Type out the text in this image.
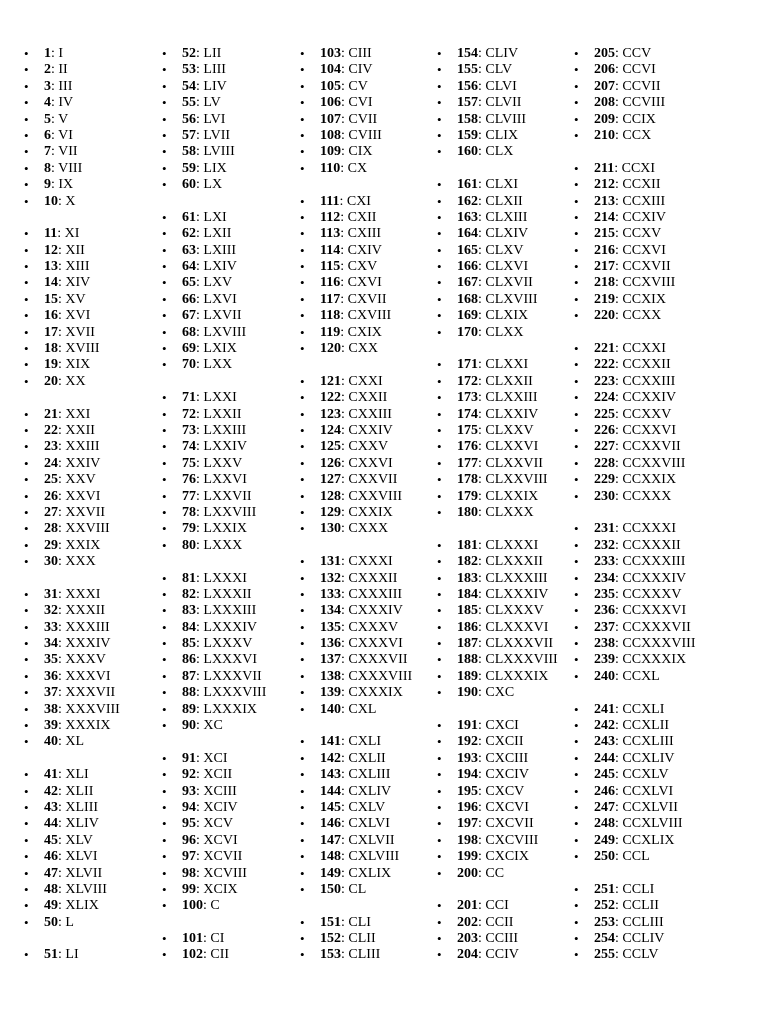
• 1: I
• 2: II
• 3: III
• 4: IV
• 5: V
• 6: VI
• 7: VII
• 8: VIII
• 9: IX
• 10: X
• 11: XI
• 12: XII
• 13: XIII
• 14: XIV
• 15: XV
• 16: XVI
• 17: XVII
• 18: XVIII
• 19: XIX
• 20: XX
• 21: XXI
• 22: XXII
• 23: XXIII
• 24: XXIV
• 25: XXV
• 26: XXVI
• 27: XXVII
• 28: XXVIII
• 29: XXIX
• 30: XXX
• 31: XXXI
• 32: XXXII
• 33: XXXIII
• 34: XXXIV
• 35: XXXV
• 36: XXXVI
• 37: XXXVII
• 38: XXXVIII
• 39: XXXIX
• 40: XL
• 41: XLI
• 42: XLII
• 43: XLIII
• 44: XLIV
• 45: XLV
• 46: XLVI
• 47: XLVII
• 48: XLVIII
• 49: XLIX
• 50: L
• 51: LI
• 52: LII
• 53: LIII
• 54: LIV
• 55: LV
• 56: LVI
• 57: LVII
• 58: LVIII
• 59: LIX
• 60: LX
• 61: LXI
• 62: LXII
• 63: LXIII
• 64: LXIV
• 65: LXV
• 66: LXVI
• 67: LXVII
• 68: LXVIII
• 69: LXIX
• 70: LXX
• 71: LXXI
• 72: LXXII
• 73: LXXIII
• 74: LXXIV
• 75: LXXV
• 76: LXXVI
• 77: LXXVII
• 78: LXXVIII
• 79: LXXIX
• 80: LXXX
• 81: LXXXI
• 82: LXXXII
• 83: LXXXIII
• 84: LXXXIV
• 85: LXXXV
• 86: LXXXVI
• 87: LXXXVII
• 88: LXXXVIII
• 89: LXXXIX
• 90: XC
• 91: XCI
• 92: XCII
• 93: XCIII
• 94: XCIV
• 95: XCV
• 96: XCVI
• 97: XCVII
• 98: XCVIII
• 99: XCIX
• 100: C
• 101: CI
• 102: CII
• 103: CIII
• 104: CIV
• 105: CV
• 106: CVI
• 107: CVII
• 108: CVIII
• 109: CIX
• 110: CX
• 111: CXI
• 112: CXII
• 113: CXIII
• 114: CXIV
• 115: CXV
• 116: CXVI
• 117: CXVII
• 118: CXVIII
• 119: CXIX
• 120: CXX
• 121: CXXI
• 122: CXXII
• 123: CXXIII
• 124: CXXIV
• 125: CXXV
• 126: CXXVI
• 127: CXXVII
• 128: CXXVIII
• 129: CXXIX
• 130: CXXX
• 131: CXXXI
• 132: CXXXII
• 133: CXXXIII
• 134: CXXXIV
• 135: CXXXV
• 136: CXXXVI
• 137: CXXXVII
• 138: CXXXVIII
• 139: CXXXIX
• 140: CXL
• 141: CXLI
• 142: CXLII
• 143: CXLIII
• 144: CXLIV
• 145: CXLV
• 146: CXLVI
• 147: CXLVII
• 148: CXLVIII
• 149: CXLIX
• 150: CL
• 151: CLI
• 152: CLII
• 153: CLIII
• 154: CLIV
• 155: CLV
• 156: CLVI
• 157: CLVII
• 158: CLVIII
• 159: CLIX
• 160: CLX
• 161: CLXI
• 162: CLXII
• 163: CLXIII
• 164: CLXIV
• 165: CLXV
• 166: CLXVI
• 167: CLXVII
• 168: CLXVIII
• 169: CLXIX
• 170: CLXX
• 171: CLXXI
• 172: CLXXII
• 173: CLXXIII
• 174: CLXXIV
• 175: CLXXV
• 176: CLXXVI
• 177: CLXXVII
• 178: CLXXVIII
• 179: CLXXIX
• 180: CLXXX
• 181: CLXXXI
• 182: CLXXXII
• 183: CLXXXIII
• 184: CLXXXIV
• 185: CLXXXV
• 186: CLXXXVI
• 187: CLXXXVII
• 188: CLXXXVIII
• 189: CLXXXIX
• 190: CXC
• 191: CXCI
• 192: CXCII
• 193: CXCIII
• 194: CXCIV
• 195: CXCV
• 196: CXCVI
• 197: CXCVII
• 198: CXCVIII
• 199: CXCIX
• 200: CC
• 201: CCI
• 202: CCII
• 203: CCIII
• 204: CCIV
• 205: CCV
• 206: CCVI
• 207: CCVII
• 208: CCVIII
• 209: CCIX
• 210: CCX
• 211: CCXI
• 212: CCXII
• 213: CCXIII
• 214: CCXIV
• 215: CCXV
• 216: CCXVI
• 217: CCXVII
• 218: CCXVIII
• 219: CCXIX
• 220: CCXX
• 221: CCXXI
• 222: CCXXII
• 223: CCXXIII
• 224: CCXXIV
• 225: CCXXV
• 226: CCXXVI
• 227: CCXXVII
• 228: CCXXVIII
• 229: CCXXIX
• 230: CCXXX
• 231: CCXXXI
• 232: CCXXXII
• 233: CCXXXIII
• 234: CCXXXIV
• 235: CCXXXV
• 236: CCXXXVI
• 237: CCXXXVII
• 238: CCXXXVIII
• 239: CCXXXIX
• 240: CCXL
• 241: CCXLI
• 242: CCXLII
• 243: CCXLIII
• 244: CCXLIV
• 245: CCXLV
• 246: CCXLVI
• 247: CCXLVII
• 248: CCXLVIII
• 249: CCXLIX
• 250: CCL
• 251: CCLI
• 252: CCLII
• 253: CCLIII
• 254: CCLIV
• 255: CCLV
